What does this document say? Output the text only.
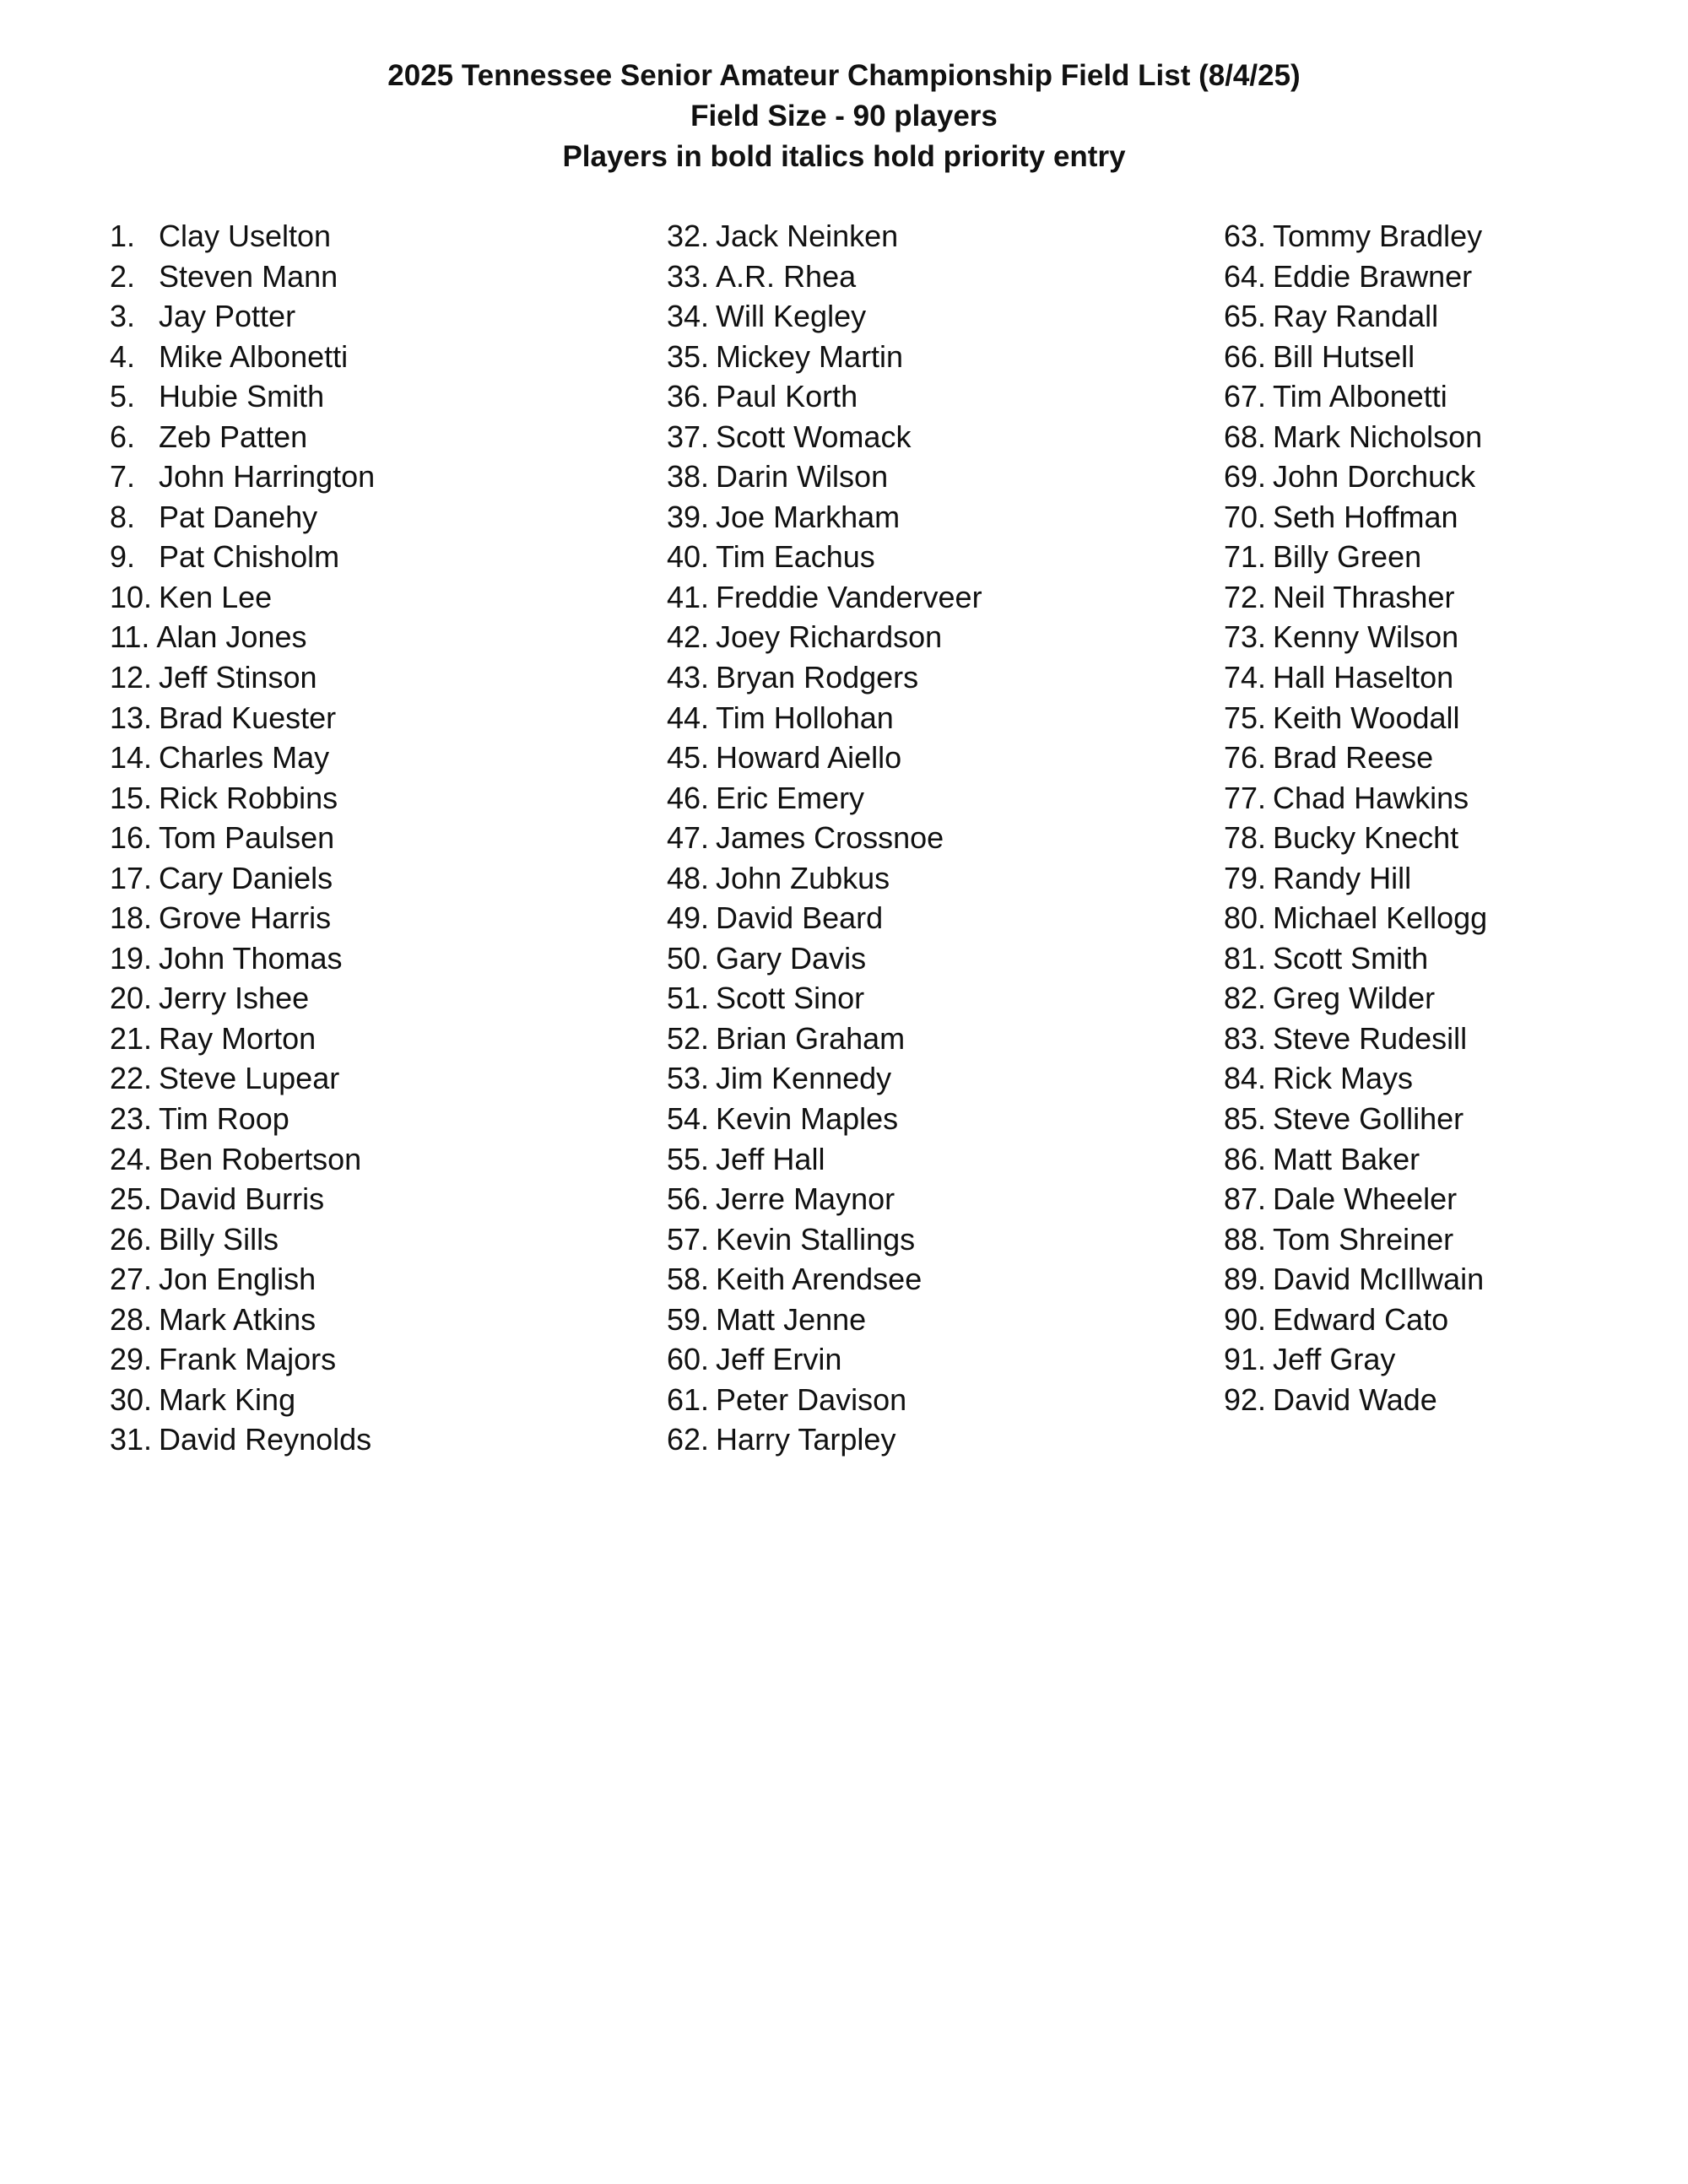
2025 Tennessee Senior Amateur Championship Field List (8/4/25)
Field Size - 90 players
Players in bold italics hold priority entry
1. Clay Uselton
2. Steven Mann
3. Jay Potter
4. Mike Albonetti
5. Hubie Smith
6. Zeb Patten
7. John Harrington
8. Pat Danehy
9. Pat Chisholm
10. Ken Lee
11. Alan Jones
12. Jeff Stinson
13. Brad Kuester
14. Charles May
15. Rick Robbins
16. Tom Paulsen
17. Cary Daniels
18. Grove Harris
19. John Thomas
20. Jerry Ishee
21. Ray Morton
22. Steve Lupear
23. Tim Roop
24. Ben Robertson
25. David Burris
26. Billy Sills
27. Jon English
28. Mark Atkins
29. Frank Majors
30. Mark King
31. David Reynolds
32. Jack Neinken
33. A.R. Rhea
34. Will Kegley
35. Mickey Martin
36. Paul Korth
37. Scott Womack
38. Darin Wilson
39. Joe Markham
40. Tim Eachus
41. Freddie Vanderveer
42. Joey Richardson
43. Bryan Rodgers
44. Tim Hollohan
45. Howard Aiello
46. Eric Emery
47. James Crossnoe
48. John Zubkus
49. David Beard
50. Gary Davis
51. Scott Sinor
52. Brian Graham
53. Jim Kennedy
54. Kevin Maples
55. Jeff Hall
56. Jerre Maynor
57. Kevin Stallings
58. Keith Arendsee
59. Matt Jenne
60. Jeff Ervin
61. Peter Davison
62. Harry Tarpley
63. Tommy Bradley
64. Eddie Brawner
65. Ray Randall
66. Bill Hutsell
67. Tim Albonetti
68. Mark Nicholson
69. John Dorchuck
70. Seth Hoffman
71. Billy Green
72. Neil Thrasher
73. Kenny Wilson
74. Hall Haselton
75. Keith Woodall
76. Brad Reese
77. Chad Hawkins
78. Bucky Knecht
79. Randy Hill
80. Michael Kellogg
81. Scott Smith
82. Greg Wilder
83. Steve Rudesill
84. Rick Mays
85. Steve Golliher
86. Matt Baker
87. Dale Wheeler
88. Tom Shreiner
89. David McIllwain
90. Edward Cato
91. Jeff Gray
92. David Wade
